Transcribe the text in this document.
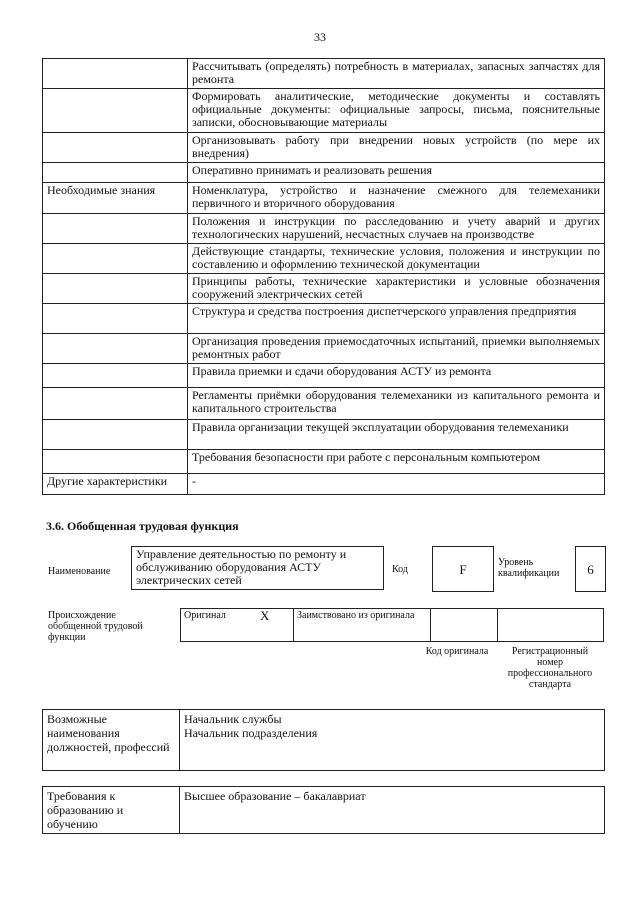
33
	Рассчитывать (определять) потребность в материалах, запасных запчастях для ремонта
	Формировать аналитические, методические документы и составлять официальные документы: официальные запросы, письма, пояснительные записки, обосновывающие материалы
	Организовывать работу при внедрении новых устройств (по мере их внедрения)
	Оперативно принимать и реализовать решения
Необходимые знания	Номенклатура, устройство и назначение смежного для телемеханики первичного и вторичного оборудования
	Положения и инструкции по расследованию и учету аварий и других технологических нарушений, несчастных случаев на производстве
	Действующие стандарты, технические условия, положения и инструкции по составлению и оформлению технической документации
	Принципы работы, технические характеристики и условные обозначения сооружений электрических сетей
	Структура и средства построения диспетчерского управления предприятия
	Организация проведения приемосдаточных испытаний, приемки выполняемых ремонтных работ
	Правила приемки и сдачи оборудования АСТУ из ремонта
	Регламенты приёмки оборудования телемеханики из капитального ремонта и капитального строительства
	Правила организации текущей эксплуатации оборудования телемеханики
	Требования безопасности при работе с персональным компьютером
Другие характеристики	-
3.6. Обобщенная трудовая функция
Наименование
Управление деятельностью по ремонту и обслуживанию оборудования АСТУ электрических сетей
Код	F	Уровень квалификации	6
Происхождение обобщенной трудовой функции
Оригинал	X	Заимствовано из оригинала		
Код оригинала	Регистрационный номер профессионального стандарта
Возможные наименования должностей, профессий	
Начальник службы
Начальник подразделения
Требования к образованию и обучению	Высшее образование – бакалавриат
